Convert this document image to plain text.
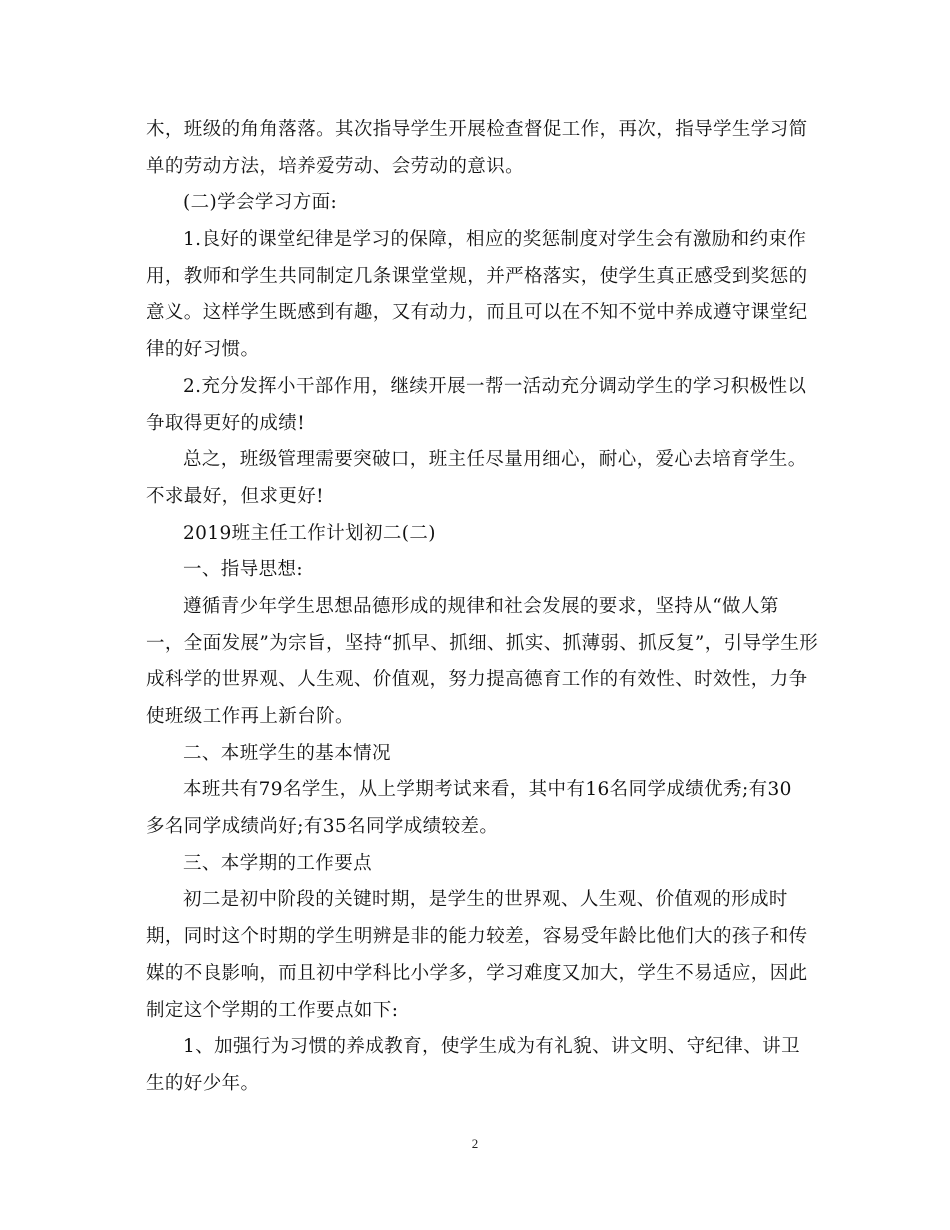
木，班级的角角落落。其次指导学生开展检查督促工作，再次，指导学生学习简
单的劳动方法，培养爱劳动、会劳动的意识。
(二)学会学习方面:
1.良好的课堂纪律是学习的保障，相应的奖惩制度对学生会有激励和约束作
用，教师和学生共同制定几条课堂堂规，并严格落实，使学生真正感受到奖惩的
意义。这样学生既感到有趣，又有动力，而且可以在不知不觉中养成遵守课堂纪
律的好习惯。
2.充分发挥小干部作用，继续开展一帮一活动充分调动学生的学习积极性以
争取得更好的成绩!
总之，班级管理需要突破口，班主任尽量用细心，耐心，爱心去培育学生。
不求最好，但求更好!
2019班主任工作计划初二(二)
一、指导思想:
遵循青少年学生思想品德形成的规律和社会发展的要求，坚持从“做人第
一，全面发展”为宗旨，坚持“抓早、抓细、抓实、抓薄弱、抓反复”，引导学生形
成科学的世界观、人生观、价值观，努力提高德育工作的有效性、时效性，力争
使班级工作再上新台阶。
二、本班学生的基本情况
本班共有79名学生，从上学期考试来看，其中有16名同学成绩优秀;有30
多名同学成绩尚好;有35名同学成绩较差。
三、本学期的工作要点
初二是初中阶段的关键时期，是学生的世界观、人生观、价值观的形成时
期，同时这个时期的学生明辨是非的能力较差，容易受年龄比他们大的孩子和传
媒的不良影响，而且初中学科比小学多，学习难度又加大，学生不易适应，因此
制定这个学期的工作要点如下:
1、加强行为习惯的养成教育，使学生成为有礼貌、讲文明、守纪律、讲卫
生的好少年。
2
